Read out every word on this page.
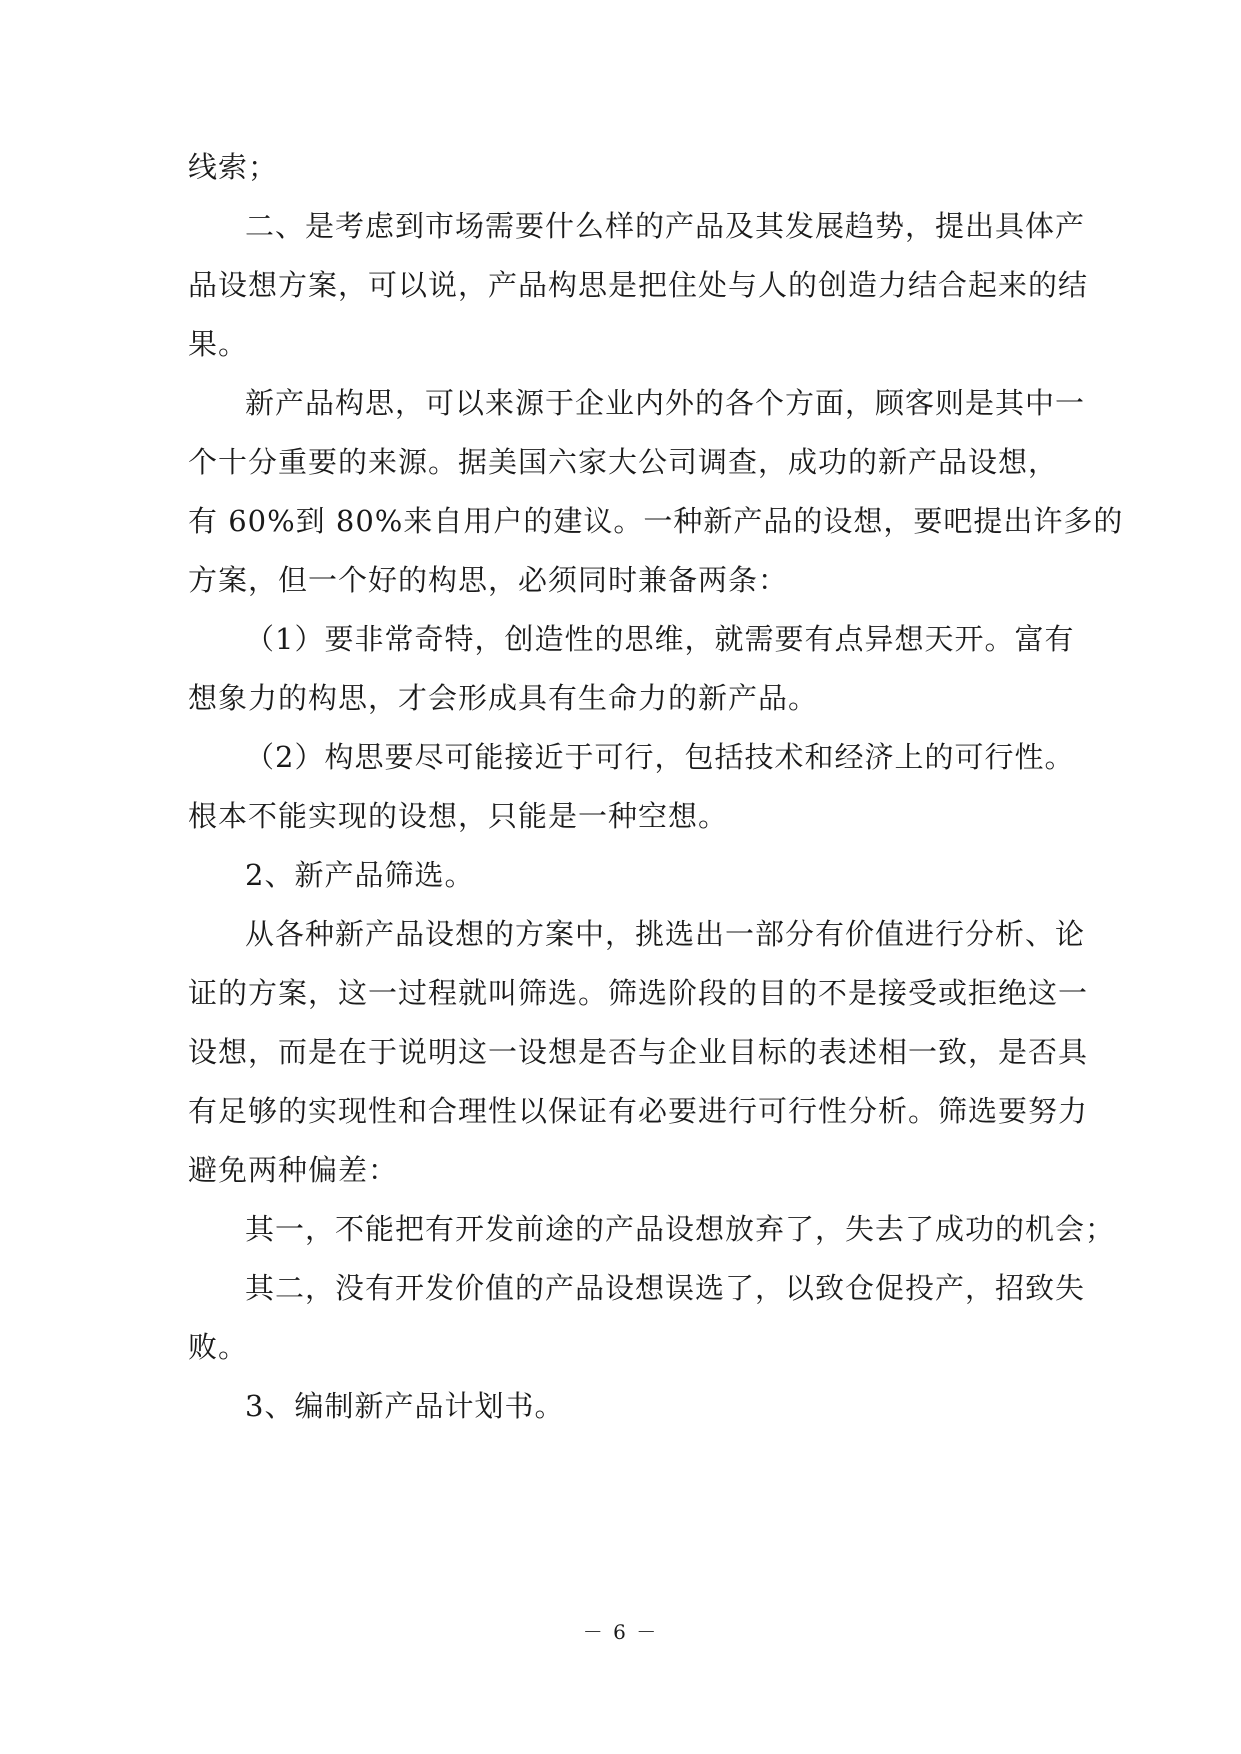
线索；
二、是考虑到市场需要什么样的产品及其发展趋势，提出具体产
品设想方案，可以说，产品构思是把住处与人的创造力结合起来的结
果。
新产品构思，可以来源于企业内外的各个方面，顾客则是其中一
个十分重要的来源。据美国六家大公司调查，成功的新产品设想，
有 60%到 80%来自用户的建议。一种新产品的设想，要吧提出许多的
方案，但一个好的构思，必须同时兼备两条：
（1）要非常奇特，创造性的思维，就需要有点异想天开。富有
想象力的构思，才会形成具有生命力的新产品。
（2）构思要尽可能接近于可行，包括技术和经济上的可行性。
根本不能实现的设想，只能是一种空想。
2、新产品筛选。
从各种新产品设想的方案中，挑选出一部分有价值进行分析、论
证的方案，这一过程就叫筛选。筛选阶段的目的不是接受或拒绝这一
设想，而是在于说明这一设想是否与企业目标的表述相一致，是否具
有足够的实现性和合理性以保证有必要进行可行性分析。筛选要努力
避免两种偏差：
其一，不能把有开发前途的产品设想放弃了，失去了成功的机会；
其二，没有开发价值的产品设想误选了，以致仓促投产，招致失
败。
3、编制新产品计划书。
－ 6 －
